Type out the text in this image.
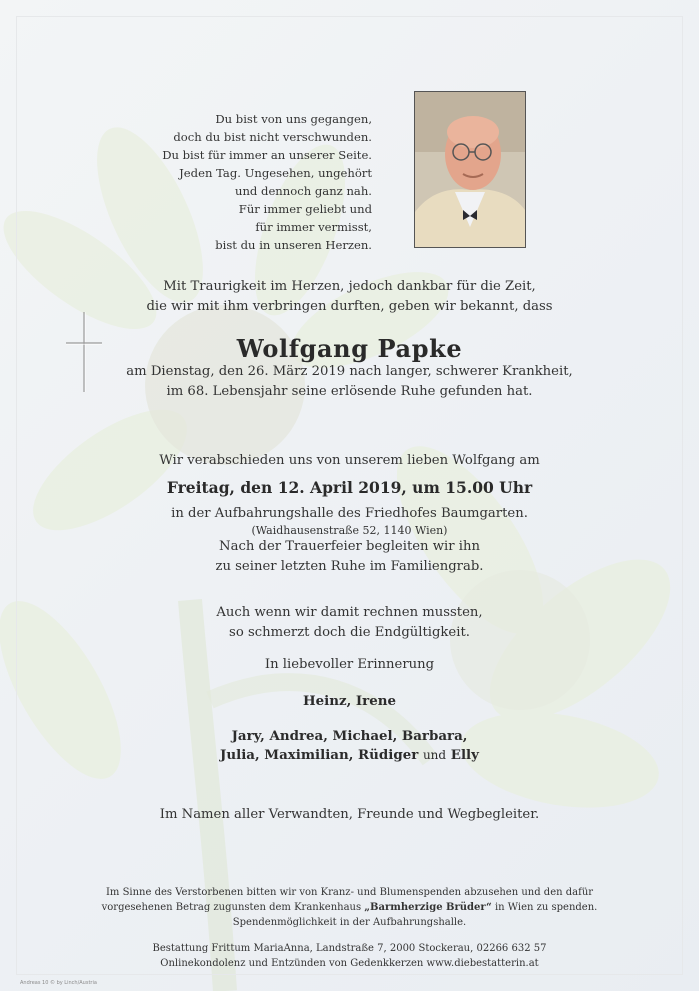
Du bist von uns gegangen,
doch du bist nicht verschwunden.
Du bist für immer an unserer Seite.
Jeden Tag. Ungesehen, ungehört
und dennoch ganz nah.
Für immer geliebt und
für immer vermisst,
bist du in unseren Herzen.
Mit Traurigkeit im Herzen, jedoch dankbar für die Zeit,
die wir mit ihm verbringen durften, geben wir bekannt, dass
Wolfgang Papke
am Dienstag, den 26. März 2019 nach langer, schwerer Krankheit,
im 68. Lebensjahr seine erlösende Ruhe gefunden hat.
Wir verabschieden uns von unserem lieben Wolfgang am
Freitag, den 12. April 2019, um 15.00 Uhr
in der Aufbahrungshalle des Friedhofes Baumgarten.
(Waidhausenstraße 52, 1140 Wien)
Nach der Trauerfeier begleiten wir ihn
zu seiner letzten Ruhe im Familiengrab.
Auch wenn wir damit rechnen mussten,
so schmerzt doch die Endgültigkeit.
In liebevoller Erinnerung
Heinz, Irene
Jary, Andrea, Michael, Barbara,
Julia, Maximilian, Rüdiger und Elly
Im Namen aller Verwandten, Freunde und Wegbegleiter.
Im Sinne des Verstorbenen bitten wir von Kranz- und Blumenspenden abzusehen und den dafür
vorgesehenen Betrag zugunsten dem Krankenhaus „Barmherzige Brüder“ in Wien zu spenden.
Spendenmöglichkeit in der Aufbahrungshalle.
Bestattung Frittum MariaAnna, Landstraße 7, 2000 Stockerau, 02266 632 57
Onlinekondolenz und Entzünden von Gedenkkerzen www.diebestatterin.at
Andreas 10 © by Linch/Austria
